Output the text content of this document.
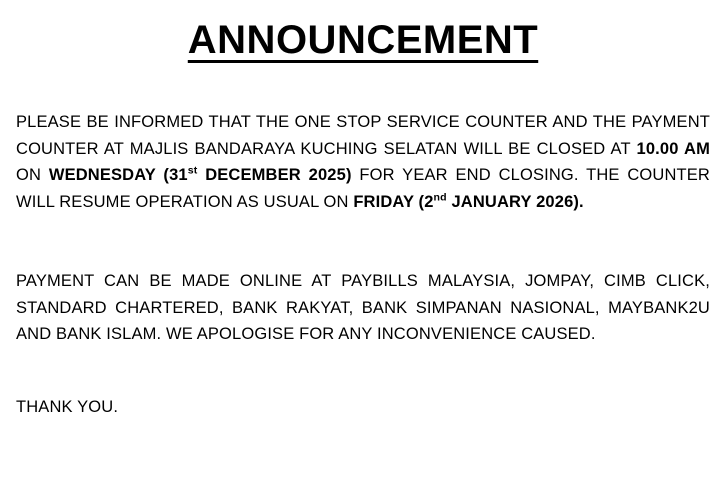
ANNOUNCEMENT

PLEASE BE INFORMED THAT THE ONE STOP SERVICE COUNTER AND THE PAYMENT COUNTER AT MAJLIS BANDARAYA KUCHING SELATAN WILL BE CLOSED AT 10.00 AM ON WEDNESDAY (31st DECEMBER 2025) FOR YEAR END CLOSING. THE COUNTER WILL RESUME OPERATION AS USUAL ON FRIDAY (2nd JANUARY 2026).

PAYMENT CAN BE MADE ONLINE AT PAYBILLS MALAYSIA, JOMPAY, CIMB CLICK, STANDARD CHARTERED, BANK RAKYAT, BANK SIMPANAN NASIONAL, MAYBANK2U AND BANK ISLAM. WE APOLOGISE FOR ANY INCONVENIENCE CAUSED.

THANK YOU.
